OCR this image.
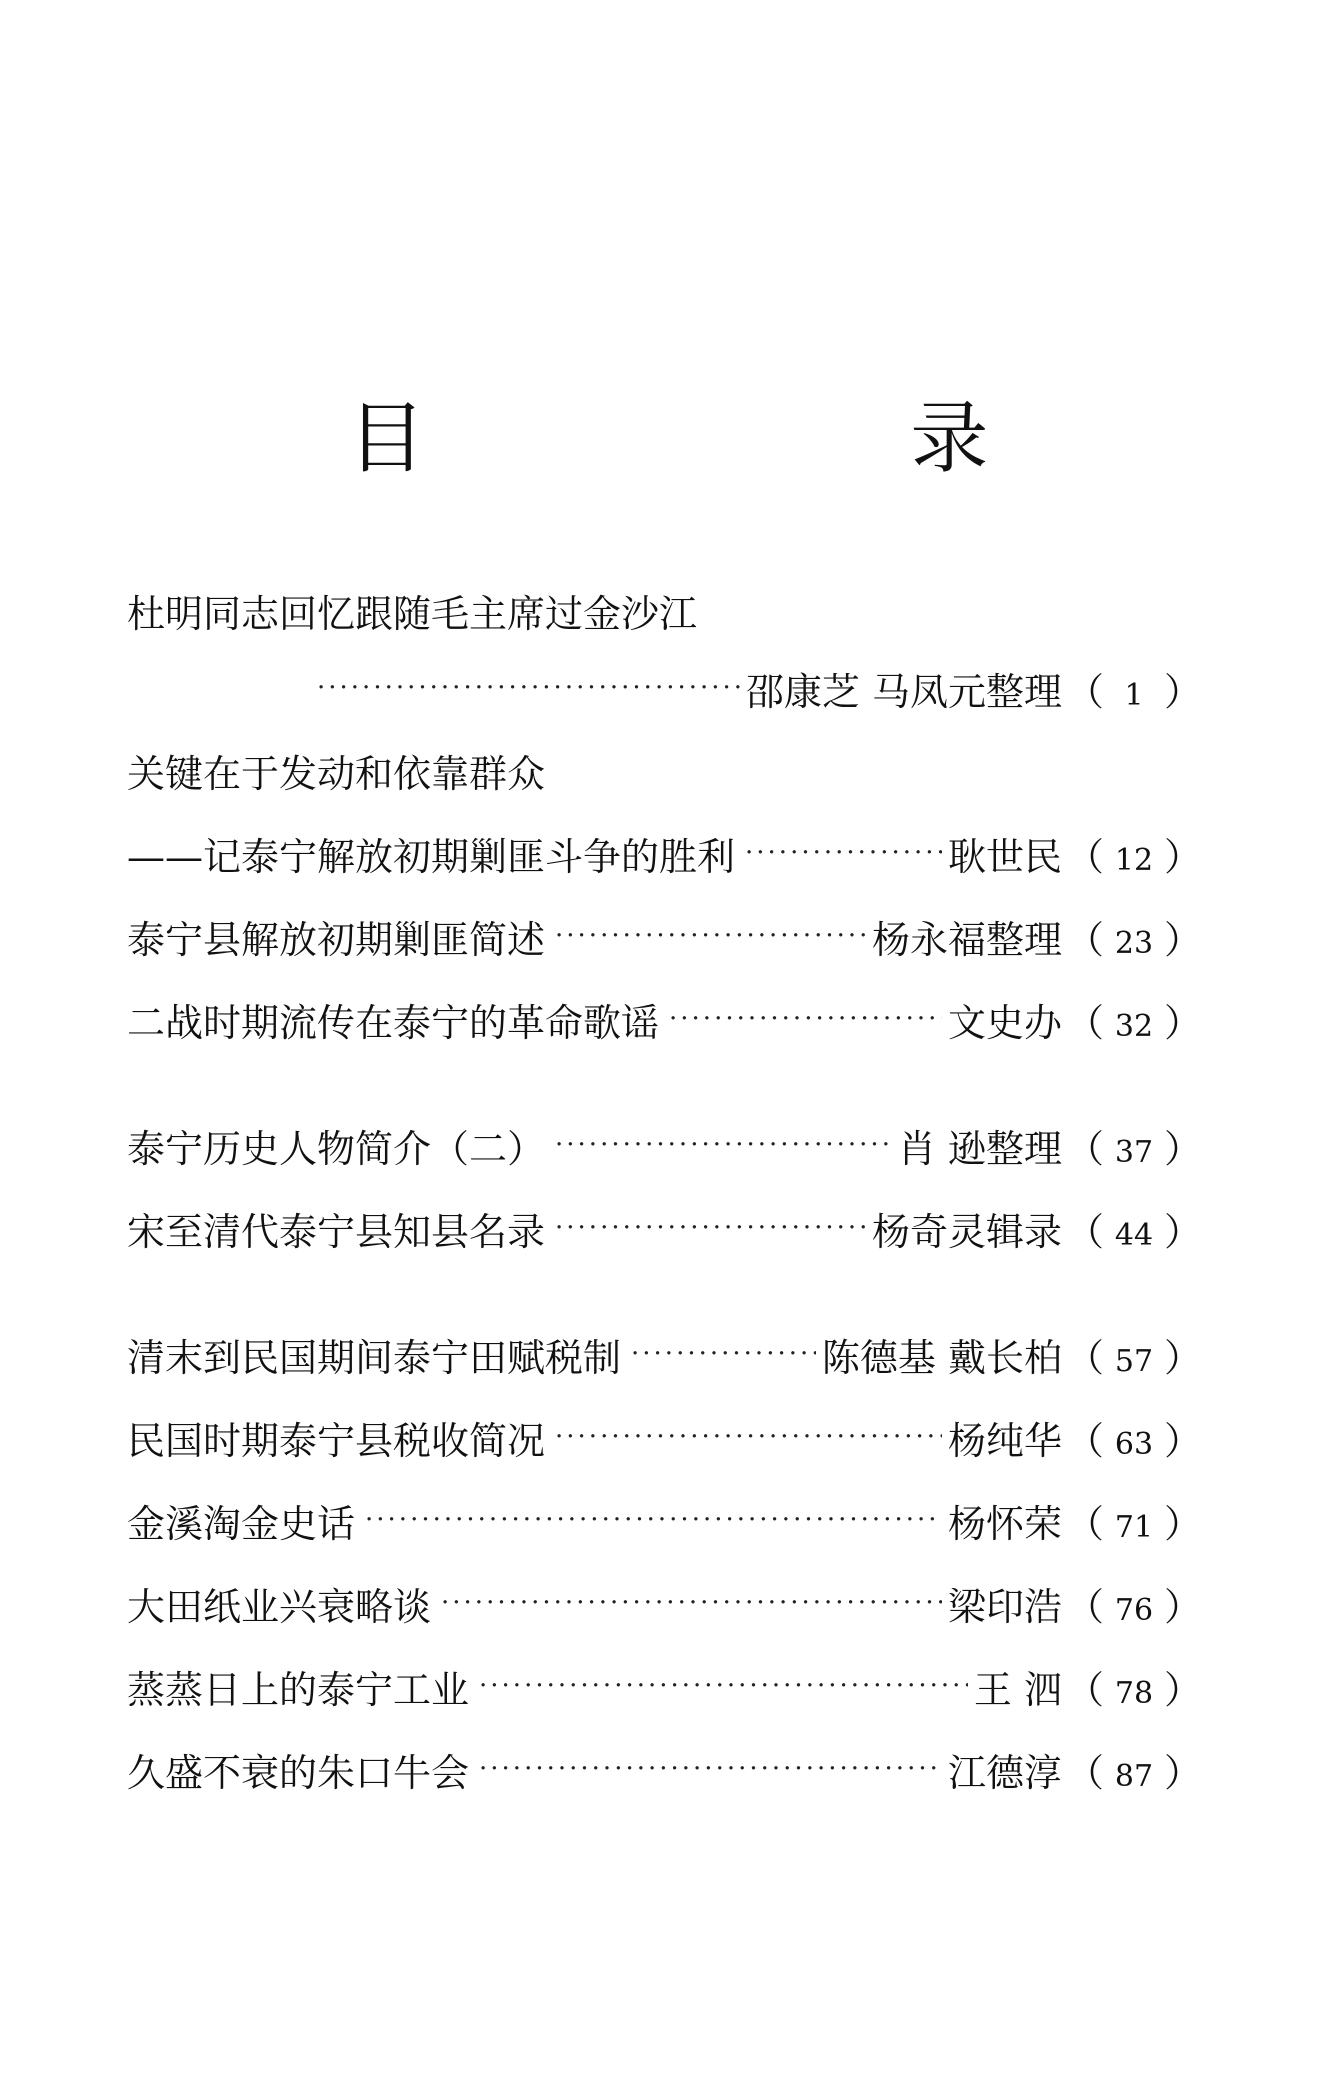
目 录
杜明同志回忆跟随毛主席过金沙江
·····
邵康芝 马凤元整理 （ 1 ）
关键在于发动和依靠群众
——记泰宁解放初期剿匪斗争的胜利 ·····	耿世民 （ 12 ）
泰宁县解放初期剿匪简述 ·····	杨永福整理 （ 23 ）
二战时期流传在泰宁的革命歌谣 ·····	文史办 （ 32 ）
泰宁历史人物简介（二） ·····	肖 逊整理 （ 37 ）
宋至清代泰宁县知县名录 ·····	杨奇灵辑录 （ 44 ）
清末到民国期间泰宁田赋税制 ·····	陈德基 戴长柏 （ 57 ）
民国时期泰宁县税收简况 ·····	杨纯华 （ 63 ）
金溪淘金史话 ·····	杨怀荣 （ 71 ）
大田纸业兴衰略谈 ·····	梁印浩 （ 76 ）
蒸蒸日上的泰宁工业 ·····	王 泗 （ 78 ）
久盛不衰的朱口牛会 ·····	江德淳 （ 87 ）
